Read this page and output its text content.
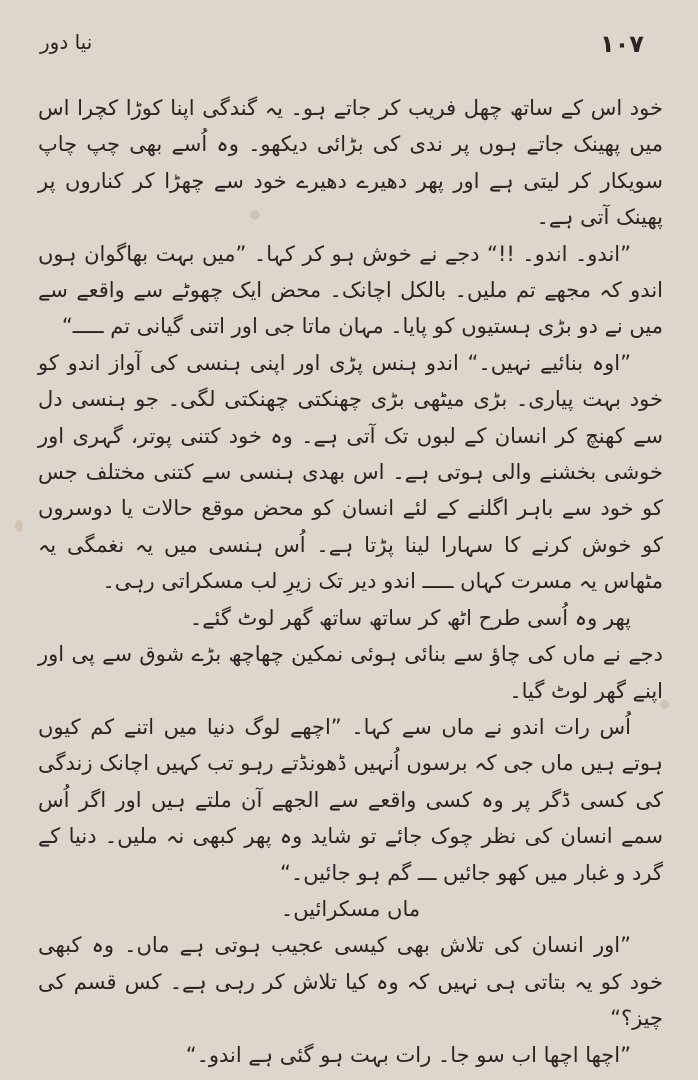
۱۰۷
نیا دور

خود اس کے ساتھ چھل فریب کر جاتے ہو۔ یہ گندگی اپنا کوڑا کچرا اس میں پھینک جاتے ہوں پر ندی کی بڑائی دیکھو۔ وہ اُسے بھی چپ چاپ سویکار کر لیتی ہے اور پھر دھیرے دھیرے خود سے چھڑا کر کناروں پر پھینک آتی ہے۔

”اندو۔ اندو۔ !!“ دجے نے خوش ہو کر کہا۔ ”میں بہت بھاگوان ہوں اندو کہ مجھے تم ملیں۔ بالکل اچانک۔ محض ایک چھوٹے سے واقعے سے میں نے دو بڑی ہستیوں کو پایا۔ مہان ماتا جی اور اتنی گیانی تم ـــــ“

”اوہ بنائیے نہیں۔“ اندو ہنس پڑی اور اپنی ہنسی کی آواز اندو کو خود بہت پیاری۔ بڑی میٹھی بڑی چھنکتی چھنکتی لگی۔ جو ہنسی دل سے کھنچ کر انسان کے لبوں تک آتی ہے۔ وہ خود کتنی پوتر، گہری اور خوشی بخشنے والی ہوتی ہے۔ اس بھدی ہنسی سے کتنی مختلف جس کو خود سے باہر اگلنے کے لئے انسان کو محض موقع حالات یا دوسروں کو خوش کرنے کا سہارا لینا پڑتا ہے۔ اُس ہنسی میں یہ نغمگی یہ مٹھاس یہ مسرت کہاں ـــــ اندو دیر تک زیرِ لب مسکراتی رہی۔

پھر وہ اُسی طرح اٹھ کر ساتھ ساتھ گھر لوٹ گئے۔

دجے نے ماں کی چاؤ سے بنائی ہوئی نمکین چھاچھ بڑے شوق سے پی اور اپنے گھر لوٹ گیا۔

اُس رات اندو نے ماں سے کہا۔ ”اچھے لوگ دنیا میں اتنے کم کیوں ہوتے ہیں ماں جی کہ برسوں اُنہیں ڈھونڈتے رہو تب کہیں اچانک زندگی کی کسی ڈگر پر وہ کسی واقعے سے الجھے آن ملتے ہیں اور اگر اُس سمے انسان کی نظر چوک جائے تو شاید وہ پھر کبھی نہ ملیں۔ دنیا کے گرد و غبار میں کھو جائیں ـــ گم ہو جائیں۔“

ماں مسکرائیں۔

”اور انسان کی تلاش بھی کیسی عجیب ہوتی ہے ماں۔ وہ کبھی خود کو یہ بتاتی ہی نہیں کہ وہ کیا تلاش کر رہی ہے۔ کس قسم کی چیز؟“

”اچھا اچھا اب سو جا۔ رات بہت ہو گئی ہے اندو۔“
